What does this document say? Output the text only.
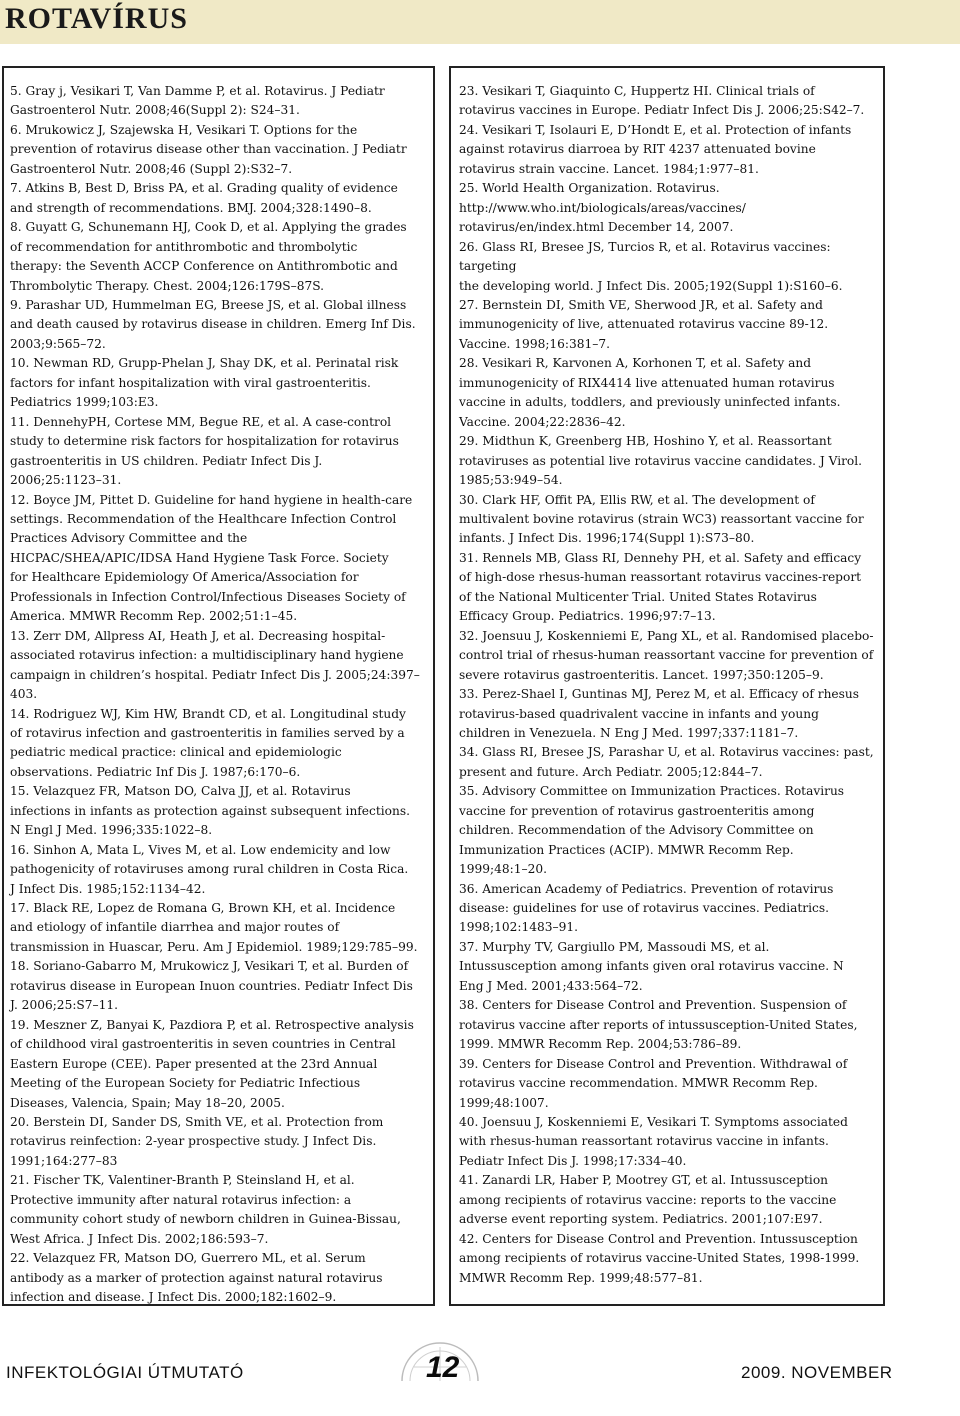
ROTAVÍRUS

5. Gray j, Vesikari T, Van Damme P, et al. Rotavirus. J Pediatr
Gastroenterol Nutr. 2008;46(Suppl 2): S24–31.

6. Mrukowicz J, Szajewska H, Vesikari T. Options for the
prevention of rotavirus disease other than vaccination. J Pediatr
Gastroenterol Nutr. 2008;46 (Suppl 2):S32–7.

7. Atkins B, Best D, Briss PA, et al. Grading quality of evidence
and strength of recommendations. BMJ. 2004;328:1490–8.

8. Guyatt G, Schunemann HJ, Cook D, et al. Applying the grades
of recommendation for antithrombotic and thrombolytic
therapy: the Seventh ACCP Conference on Antithrombotic and
Thrombolytic Therapy. Chest. 2004;126:179S–87S.

9. Parashar UD, Hummelman EG, Breese JS, et al. Global illness
and death caused by rotavirus disease in children. Emerg Inf Dis.
2003;9:565–72.

10. Newman RD, Grupp-Phelan J, Shay DK, et al. Perinatal risk
factors for infant hospitalization with viral gastroenteritis.
Pediatrics 1999;103:E3.

11. DennehyPH, Cortese MM, Begue RE, et al. A case-control
study to determine risk factors for hospitalization for rotavirus
gastroenteritis in US children. Pediatr Infect Dis J.
2006;25:1123–31.

12. Boyce JM, Pittet D. Guideline for hand hygiene in health-care
settings. Recommendation of the Healthcare Infection Control
Practices Advisory Committee and the
HICPAC/SHEA/APIC/IDSA Hand Hygiene Task Force. Society
for Healthcare Epidemiology Of America/Association for
Professionals in Infection Control/Infectious Diseases Society of
America. MMWR Recomm Rep. 2002;51:1–45.

13. Zerr DM, Allpress AI, Heath J, et al. Decreasing hospital-
associated rotavirus infection: a multidisciplinary hand hygiene
campaign in children’s hospital. Pediatr Infect Dis J. 2005;24:397–403.

14. Rodriguez WJ, Kim HW, Brandt CD, et al. Longitudinal study
of rotavirus infection and gastroenteritis in families served by a
pediatric medical practice: clinical and epidemiologic
observations. Pediatric Inf Dis J. 1987;6:170–6.

15. Velazquez FR, Matson DO, Calva JJ, et al. Rotavirus
infections in infants as protection against subsequent infections.
N Engl J Med. 1996;335:1022–8.

16. Sinhon A, Mata L, Vives M, et al. Low endemicity and low
pathogenicity of rotaviruses among rural children in Costa Rica.
J Infect Dis. 1985;152:1134–42.

17. Black RE, Lopez de Romana G, Brown KH, et al. Incidence
and etiology of infantile diarrhea and major routes of
transmission in Huascar, Peru. Am J Epidemiol. 1989;129:785–99.

18. Soriano-Gabarro M, Mrukowicz J, Vesikari T, et al. Burden of
rotavirus disease in European Inuon countries. Pediatr Infect Dis
J. 2006;25:S7–11.

19. Meszner Z, Banyai K, Pazdiora P, et al. Retrospective analysis
of childhood viral gastroenteritis in seven countries in Central
Eastern Europe (CEE). Paper presented at the 23rd Annual
Meeting of the European Society for Pediatric Infectious
Diseases, Valencia, Spain; May 18–20, 2005.

20. Berstein DI, Sander DS, Smith VE, et al. Protection from
rotavirus reinfection: 2-year prospective study. J Infect Dis.
1991;164:277–83

21. Fischer TK, Valentiner-Branth P, Steinsland H, et al.
Protective immunity after natural rotavirus infection: a
community cohort study of newborn children in Guinea-Bissau,
West Africa. J Infect Dis. 2002;186:593–7.

22. Velazquez FR, Matson DO, Guerrero ML, et al. Serum
antibody as a marker of protection against natural rotavirus
infection and disease. J Infect Dis. 2000;182:1602–9.

23. Vesikari T, Giaquinto C, Huppertz HI. Clinical trials of
rotavirus vaccines in Europe. Pediatr Infect Dis J. 2006;25:S42–7.

24. Vesikari T, Isolauri E, D’Hondt E, et al. Protection of infants
against rotavirus diarroea by RIT 4237 attenuated bovine
rotavirus strain vaccine. Lancet. 1984;1:977–81.

25. World Health Organization. Rotavirus.
http://www.who.int/biologicals/areas/vaccines/
rotavirus/en/index.html December 14, 2007.

26. Glass RI, Bresee JS, Turcios R, et al. Rotavirus vaccines: targeting
the developing world. J Infect Dis. 2005;192(Suppl 1):S160–6.

27. Bernstein DI, Smith VE, Sherwood JR, et al. Safety and
immunogenicity of live, attenuated rotavirus vaccine 89-12.
Vaccine. 1998;16:381–7.

28. Vesikari R, Karvonen A, Korhonen T, et al. Safety and
immunogenicity of RIX4414 live attenuated human rotavirus
vaccine in adults, toddlers, and previously uninfected infants.
Vaccine. 2004;22:2836–42.

29. Midthun K, Greenberg HB, Hoshino Y, et al. Reassortant
rotaviruses as potential live rotavirus vaccine candidates. J Virol.
1985;53:949–54.

30. Clark HF, Offit PA, Ellis RW, et al. The development of
multivalent bovine rotavirus (strain WC3) reassortant vaccine for
infants. J Infect Dis. 1996;174(Suppl 1):S73–80.

31. Rennels MB, Glass RI, Dennehy PH, et al. Safety and efficacy
of high-dose rhesus-human reassortant rotavirus vaccines-report
of the National Multicenter Trial. United States Rotavirus
Efficacy Group. Pediatrics. 1996;97:7–13.

32. Joensuu J, Koskenniemi E, Pang XL, et al. Randomised placebo-
control trial of rhesus-human reassortant vaccine for prevention of
severe rotavirus gastroenteritis. Lancet. 1997;350:1205–9.

33. Perez-Shael I, Guntinas MJ, Perez M, et al. Efficacy of rhesus
rotavirus-based quadrivalent vaccine in infants and young
children in Venezuela. N Eng J Med. 1997;337:1181–7.

34. Glass RI, Bresee JS, Parashar U, et al. Rotavirus vaccines: past,
present and future. Arch Pediatr. 2005;12:844–7.

35. Advisory Committee on Immunization Practices. Rotavirus
vaccine for prevention of rotavirus gastroenteritis among
children. Recommendation of the Advisory Committee on
Immunization Practices (ACIP). MMWR Recomm Rep.
1999;48:1–20.

36. American Academy of Pediatrics. Prevention of rotavirus
disease: guidelines for use of rotavirus vaccines. Pediatrics.
1998;102:1483–91.

37. Murphy TV, Gargiullo PM, Massoudi MS, et al.
Intussusception among infants given oral rotavirus vaccine. N
Eng J Med. 2001;433:564–72.

38. Centers for Disease Control and Prevention. Suspension of
rotavirus vaccine after reports of intussusception-United States,
1999. MMWR Recomm Rep. 2004;53:786–89.

39. Centers for Disease Control and Prevention. Withdrawal of
rotavirus vaccine recommendation. MMWR Recomm Rep.
1999;48:1007.

40. Joensuu J, Koskenniemi E, Vesikari T. Symptoms associated
with rhesus-human reassortant rotavirus vaccine in infants.
Pediatr Infect Dis J. 1998;17:334–40.

41. Zanardi LR, Haber P, Mootrey GT, et al. Intussusception
among recipients of rotavirus vaccine: reports to the vaccine
adverse event reporting system. Pediatrics. 2001;107:E97.

42. Centers for Disease Control and Prevention. Intussusception
among recipients of rotavirus vaccine-United States, 1998-1999.
MMWR Recomm Rep. 1999;48:577–81.

INFEKTOLÓGIAI ÚTMUTATÓ	12	2009. NOVEMBER
